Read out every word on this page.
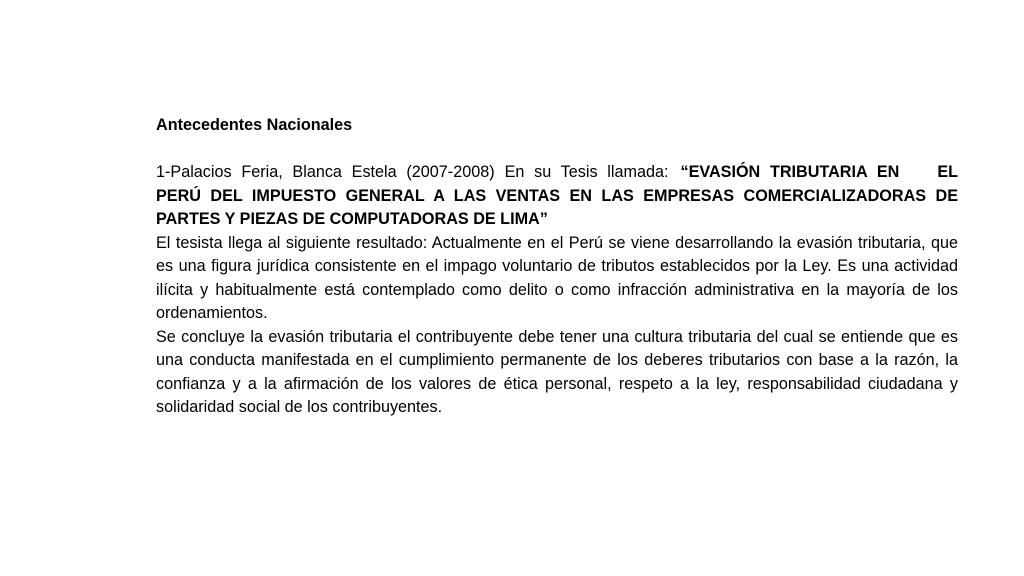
Antecedentes Nacionales

1-Palacios Feria, Blanca Estela (2007-2008) En su Tesis llamada: “EVASIÓN TRIBUTARIA EN EL PERÚ DEL IMPUESTO GENERAL A LAS VENTAS EN LAS EMPRESAS COMERCIALIZADORAS DE PARTES Y PIEZAS DE COMPUTADORAS DE LIMA”

El tesista llega al siguiente resultado: Actualmente en el Perú se viene desarrollando la evasión tributaria, que es una figura jurídica consistente en el impago voluntario de tributos establecidos por la Ley. Es una actividad ilícita y habitualmente está contemplado como delito o como infracción administrativa en la mayoría de los ordenamientos.

Se concluye la evasión tributaria el contribuyente debe tener una cultura tributaria del cual se entiende que es una conducta manifestada en el cumplimiento permanente de los deberes tributarios con base a la razón, la confianza y a la afirmación de los valores de ética personal, respeto a la ley, responsabilidad ciudadana y solidaridad social de los contribuyentes.
